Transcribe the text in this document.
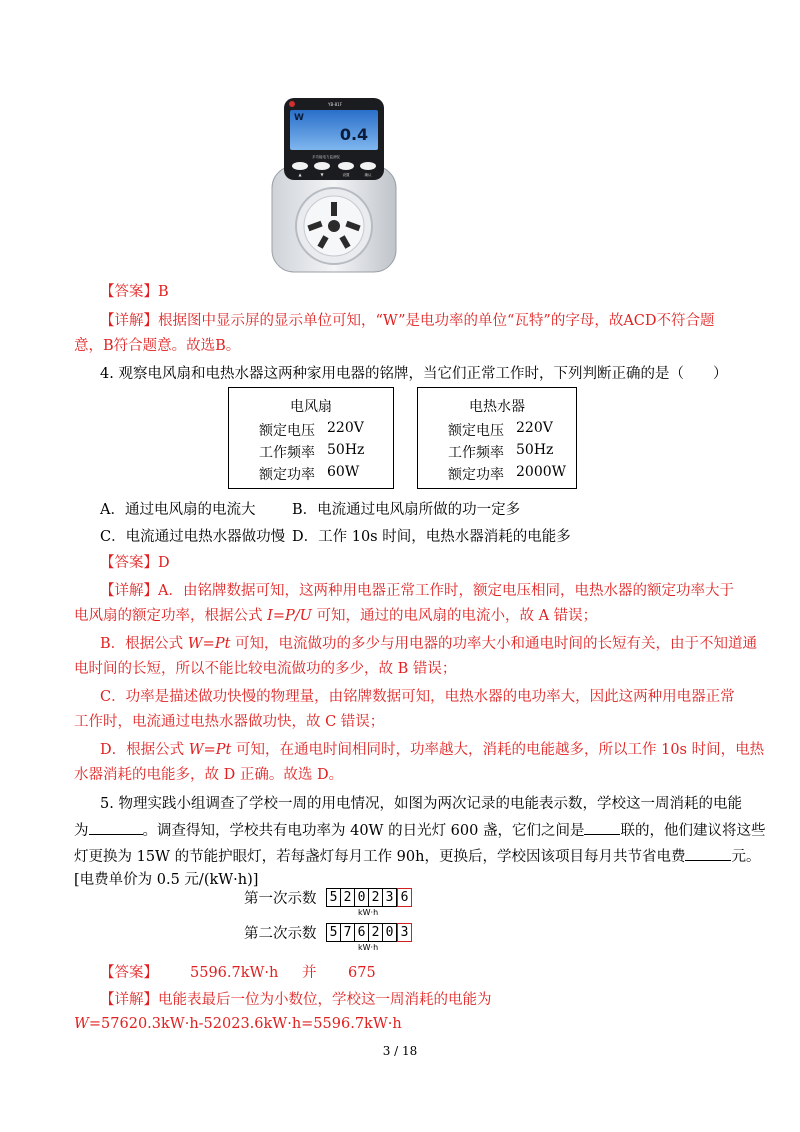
YB-81F
W
0.4
多功能电力监测仪
▲	▼	设置	确认
【答案】B
【详解】根据图中显示屏的显示单位可知，“W”是电功率的单位“瓦特”的字母，故ACD不符合题
意，B符合题意。故选B。
4. 观察电风扇和电热水器这两种家用电器的铭牌，当它们正常工作时，下列判断正确的是（　　）
电风扇
额定电压 220V
工作频率 50Hz
额定功率 60W
电热水器
额定电压 220V
工作频率 50Hz
额定功率 2000W
A．通过电风扇的电流大	B．电流通过电风扇所做的功一定多
C．电流通过电热水器做功慢 D．工作 10s 时间，电热水器消耗的电能多
【答案】D
【详解】A．由铭牌数据可知，这两种用电器正常工作时，额定电压相同，电热水器的额定功率大于
电风扇的额定功率，根据公式 I=P/U 可知，通过的电风扇的电流小，故 A 错误；
B．根据公式 W=Pt 可知，电流做功的多少与用电器的功率大小和通电时间的长短有关，由于不知道通
电时间的长短，所以不能比较电流做功的多少，故 B 错误；
C．功率是描述做功快慢的物理量，由铭牌数据可知，电热水器的电功率大，因此这两种用电器正常
工作时，电流通过电热水器做功快，故 C 错误；
D．根据公式 W=Pt 可知，在通电时间相同时，功率越大，消耗的电能越多，所以工作 10s 时间，电热
水器消耗的电能多，故 D 正确。故选 D。
5. 物理实践小组调查了学校一周的用电情况，如图为两次记录的电能表示数，学校这一周消耗的电能
为	。调查得知，学校共有电功率为 40W 的日光灯 600 盏，它们之间是 联的，他们建议将这些
灯更换为 15W 的节能护眼灯，若每盏灯每月工作 90h，更换后，学校因该项目每月共节省电费	元。
[电费单价为 0.5 元/(kW·h)]
第一次示数 5 2 0 2 3 6
kW·h
第二次示数 5 7 6 2 0 3
kW·h
【答案】 5596.7kW·h 并 675
【详解】电能表最后一位为小数位，学校这一周消耗的电能为
W=57620.3kW·h-52023.6kW·h=5596.7kW·h
3 / 18
